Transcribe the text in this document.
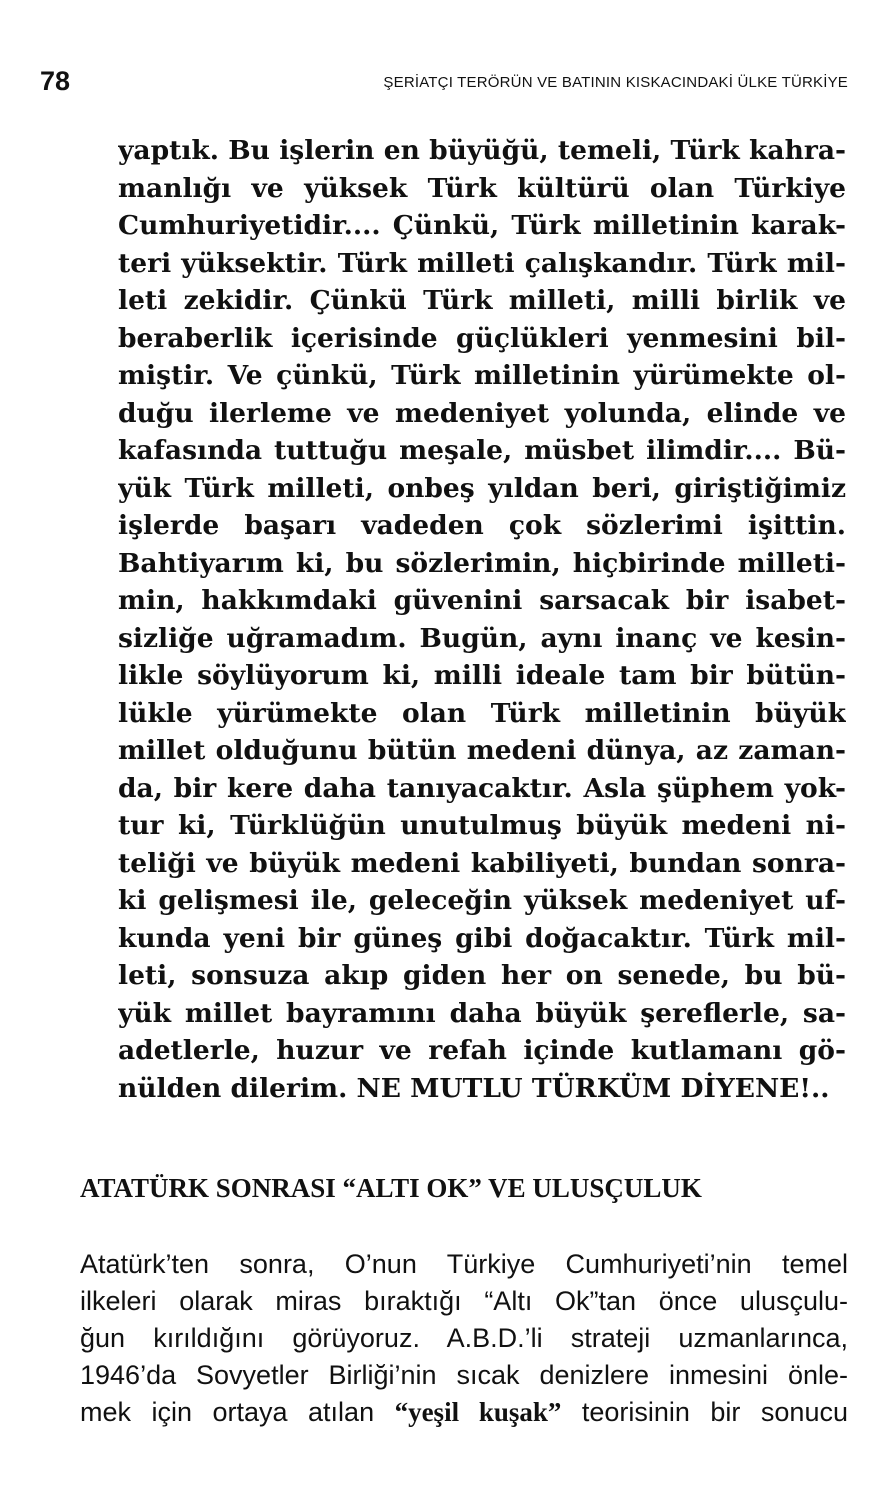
78	ŞERİATÇI TERÖRÜN VE BATININ KISKACINDAKİ ÜLKE TÜRKİYE
yaptık. Bu işlerin en büyüğü, temeli, Türk kahra-
manlığı ve yüksek Türk kültürü olan Türkiye
Cumhuriyetidir.... Çünkü, Türk milletinin karak-
teri yüksektir. Türk milleti çalışkandır. Türk mil-
leti zekidir. Çünkü Türk milleti, milli birlik ve
beraberlik içerisinde güçlükleri yenmesini bil-
miştir. Ve çünkü, Türk milletinin yürümekte ol-
duğu ilerleme ve medeniyet yolunda, elinde ve
kafasında tuttuğu meşale, müsbet ilimdir.... Bü-
yük Türk milleti, onbeş yıldan beri, giriştiğimiz
işlerde başarı vadeden çok sözlerimi işittin.
Bahtiyarım ki, bu sözlerimin, hiçbirinde milleti-
min, hakkımdaki güvenini sarsacak bir isabet-
sizliğe uğramadım. Bugün, aynı inanç ve kesin-
likle söylüyorum ki, milli ideale tam bir bütün-
lükle yürümekte olan Türk milletinin büyük
millet olduğunu bütün medeni dünya, az zaman-
da, bir kere daha tanıyacaktır. Asla şüphem yok-
tur ki, Türklüğün unutulmuş büyük medeni ni-
teliği ve büyük medeni kabiliyeti, bundan sonra-
ki gelişmesi ile, geleceğin yüksek medeniyet uf-
kunda yeni bir güneş gibi doğacaktır. Türk mil-
leti, sonsuza akıp giden her on senede, bu bü-
yük millet bayramını daha büyük şereflerle, sa-
adetlerle, huzur ve refah içinde kutlamanı gö-
nülden dilerim. NE MUTLU TÜRKÜM DİYENE!..
ATATÜRK SONRASI “ALTI OK” VE ULUSÇULUK
Atatürk’ten sonra, O’nun Türkiye Cumhuriyeti’nin temel
ilkeleri olarak miras bıraktığı “Altı Ok”tan önce ulusçulu-
ğun kırıldığını görüyoruz. A.B.D.’li strateji uzmanlarınca,
1946’da Sovyetler Birliği’nin sıcak denizlere inmesini önle-
mek için ortaya atılan “yeşil kuşak” teorisinin bir sonucu
